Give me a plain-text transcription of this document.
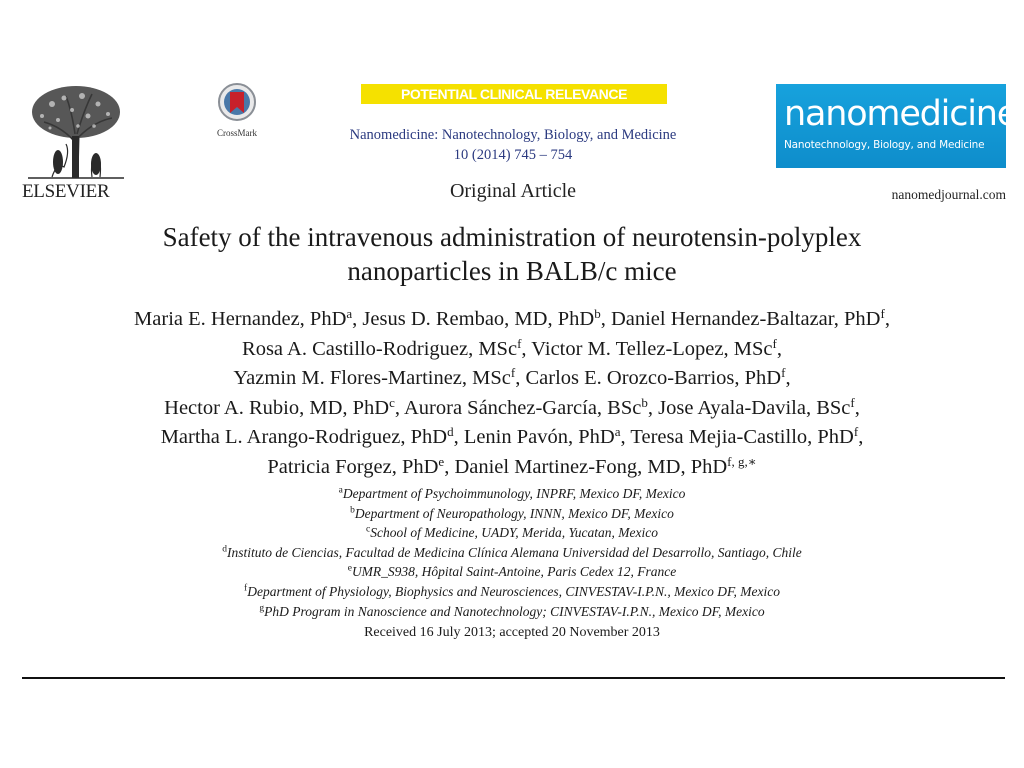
ELSEVIER
CrossMark
POTENTIAL CLINICAL RELEVANCE
Nanomedicine: Nanotechnology, Biology, and Medicine
10 (2014) 745 – 754
Original Article
nanomedicine
Nanotechnology, Biology, and Medicine
nanomedjournal.com
Safety of the intravenous administration of neurotensin-polyplex
nanoparticles in BALB/c mice
Maria E. Hernandez, PhD$^a$, Jesus D. Rembao, MD, PhD$^b$, Daniel Hernandez-Baltazar, PhD$^f$,
Rosa A. Castillo-Rodriguez, MSc$^f$, Victor M. Tellez-Lopez, MSc$^f$,
Yazmin M. Flores-Martinez, MSc$^f$, Carlos E. Orozco-Barrios, PhD$^f$,
Hector A. Rubio, MD, PhD$^c$, Aurora Sánchez-García, BSc$^b$, Jose Ayala-Davila, BSc$^f$,
Martha L. Arango-Rodriguez, PhD$^d$, Lenin Pavón, PhD$^a$, Teresa Mejia-Castillo, PhD$^f$,
Patricia Forgez, PhD$^e$, Daniel Martinez-Fong, MD, PhD$^{f, g,∗}$
$^a$Department of Psychoimmunology, INPRF, Mexico DF, Mexico
$^b$Department of Neuropathology, INNN, Mexico DF, Mexico
$^c$School of Medicine, UADY, Merida, Yucatan, Mexico
$^d$Instituto de Ciencias, Facultad de Medicina Clínica Alemana Universidad del Desarrollo, Santiago, Chile
$^e$UMR_S938, Hôpital Saint-Antoine, Paris Cedex 12, France
$^f$Department of Physiology, Biophysics and Neurosciences, CINVESTAV-I.P.N., Mexico DF, Mexico
$^g$PhD Program in Nanoscience and Nanotechnology; CINVESTAV-I.P.N., Mexico DF, Mexico
Received 16 July 2013; accepted 20 November 2013
